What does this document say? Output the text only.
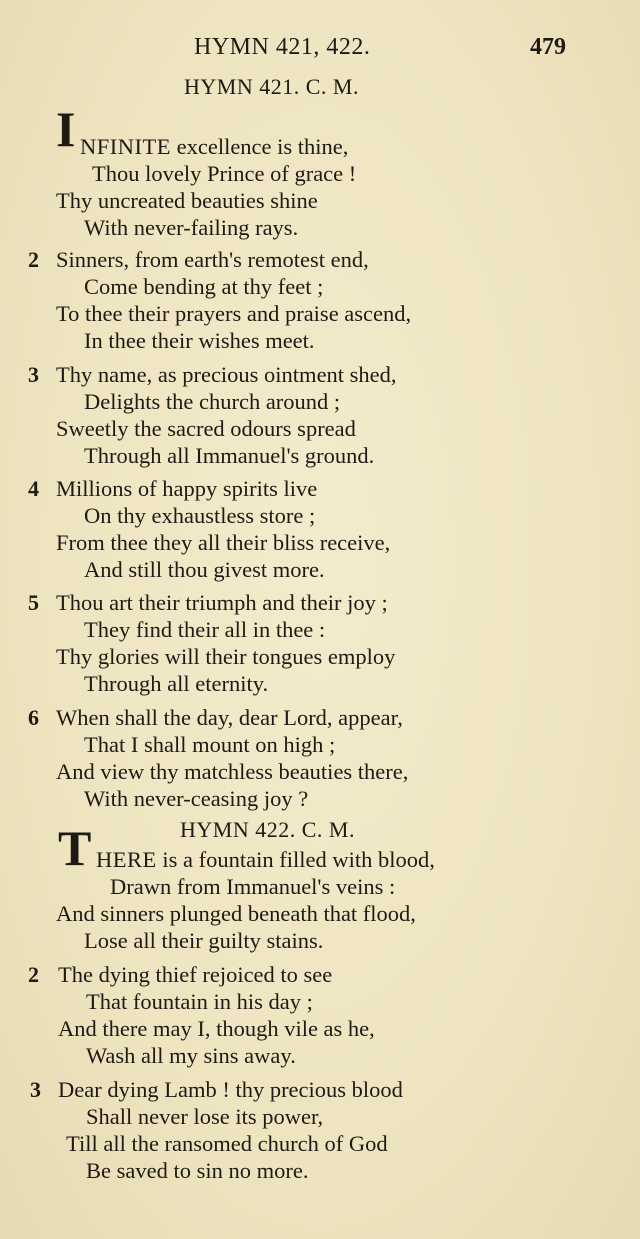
HYMN 421, 422.	479
HYMN 421. C. M.
I NFINITE excellence is thine,
Thou lovely Prince of grace !
Thy uncreated beauties shine
With never-failing rays.
2 Sinners, from earth's remotest end,
Come bending at thy feet ;
To thee their prayers and praise ascend,
In thee their wishes meet.
3 Thy name, as precious ointment shed,
Delights the church around ;
Sweetly the sacred odours spread
Through all Immanuel's ground.
4 Millions of happy spirits live
On thy exhaustless store ;
From thee they all their bliss receive,
And still thou givest more.
5 Thou art their triumph and their joy ;
They find their all in thee :
Thy glories will their tongues employ
Through all eternity.
6 When shall the day, dear Lord, appear,
That I shall mount on high ;
And view thy matchless beauties there,
With never-ceasing joy ?
HYMN 422. C. M.
T HERE is a fountain filled with blood,
Drawn from Immanuel's veins :
And sinners plunged beneath that flood,
Lose all their guilty stains.
2 The dying thief rejoiced to see
That fountain in his day ;
And there may I, though vile as he,
Wash all my sins away.
3 Dear dying Lamb ! thy precious blood
Shall never lose its power,
Till all the ransomed church of God
Be saved to sin no more.
